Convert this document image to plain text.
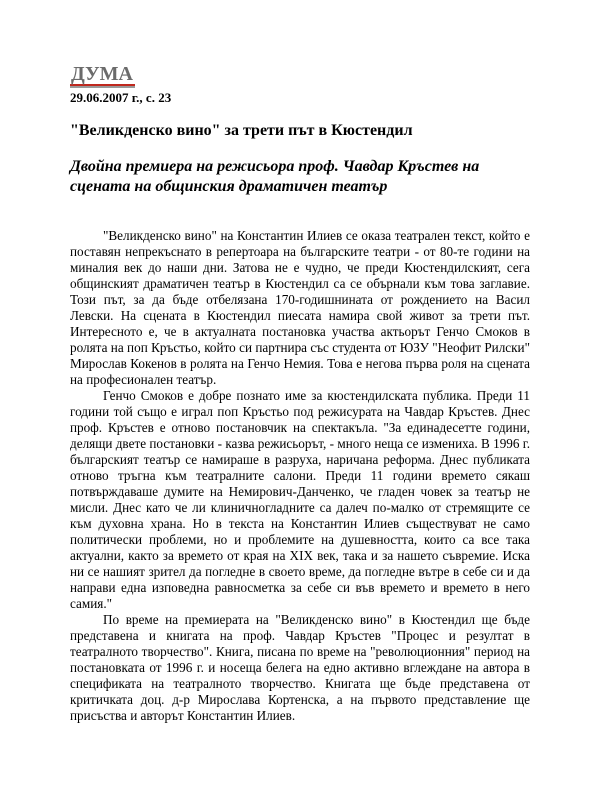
ДУМА
29.06.2007 г., с. 23
"Великденско вино" за трети път в Кюстендил
Двойна премиера на режисьора проф. Чавдар Кръстев на сцената на общинския драматичен театър

"Великденско вино" на Константин Илиев се оказа театрален текст, който е поставян непрекъснато в репертоара на българските театри - от 80-те години на миналия век до наши дни. Затова не е чудно, че преди Кюстендилският, сега общинският драматичен театър в Кюстендил са се обърнали към това заглавие. Този път, за да бъде отбелязана 170-годишнината от рождението на Васил Левски. На сцената в Кюстендил пиесата намира свой живот за трети път. Интересното е, че в актуалната постановка участва актьорът Генчо Смоков в ролята на поп Кръстьо, който си партнира със студента от ЮЗУ "Неофит Рилски" Мирослав Кокенов в ролята на Генчо Немия. Това е негова първа роля на сцената на професионален театър.

Генчо Смоков е добре познато име за кюстендилската публика. Преди 11 години той също е играл поп Кръстьо под режисурата на Чавдар Кръстев. Днес проф. Кръстев е отново постановчик на спектакъла. "За единадесетте години, делящи двете постановки - казва режисьорът, - много неща се измениха. В 1996 г. българският театър се намираше в разруха, наричана реформа. Днес публиката отново тръгна към театралните салони. Преди 11 години времето сякаш потвърждаваше думите на Немирович-Данченко, че гладен човек за театър не мисли. Днес като че ли клиничногладните са далеч по-малко от стремящите се към духовна храна. Но в текста на Константин Илиев съществуват не само политически проблеми, но и проблемите на душевността, които са все така актуални, както за времето от края на XIX век, така и за нашето съвремие. Иска ни се нашият зрител да погледне в своето време, да погледне вътре в себе си и да направи една изповедна равносметка за себе си във времето и времето в него самия."

По време на премиерата на "Великденско вино" в Кюстендил ще бъде представена и книгата на проф. Чавдар Кръстев "Процес и резултат в театралното творчество". Книга, писана по време на "революционния" период на постановката от 1996 г. и носеща белега на едно активно вглеждане на автора в спецификата на театралното творчество. Книгата ще бъде представена от критичката доц. д-р Мирослава Кортенска, а на първото представление ще присъства и авторът Константин Илиев.
